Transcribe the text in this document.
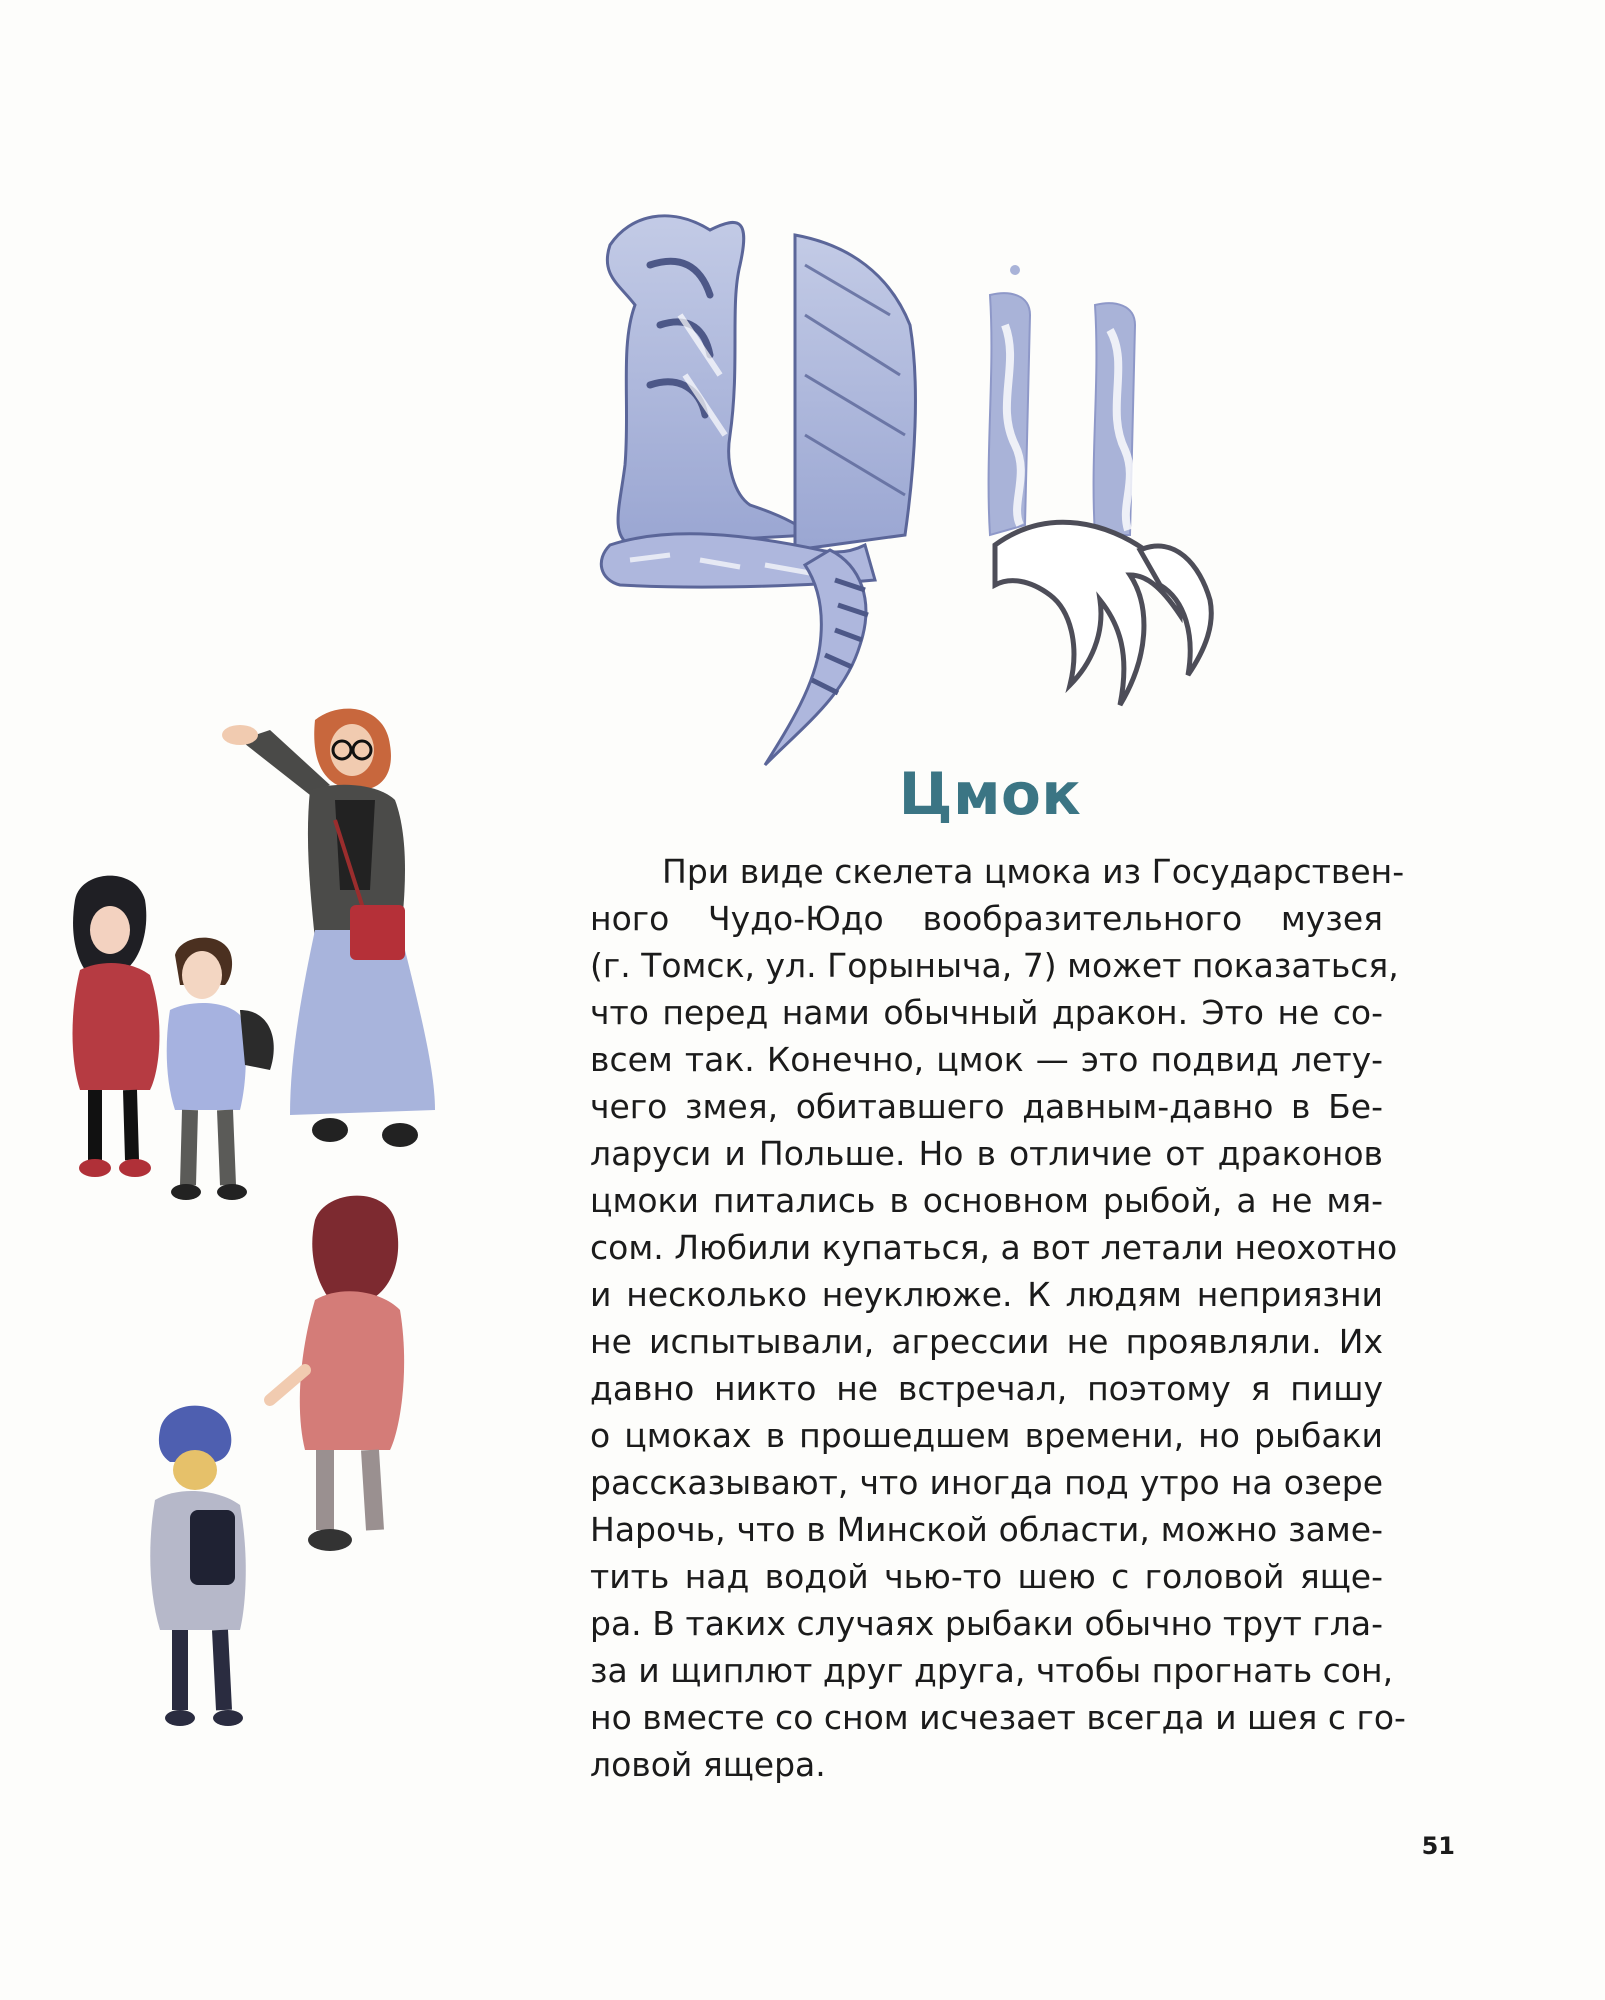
Цмок

При виде скелета цмока из Государствен-
ного Чудо-Юдо вообразительного музея
(г. Томск, ул. Горыныча, 7) может показаться,
что перед нами обычный дракон. Это не со-
всем так. Конечно, цмок — это подвид лету-
чего змея, обитавшего давным-давно в Бе-
ларуси и Польше. Но в отличие от драконов
цмоки питались в основном рыбой, а не мя-
сом. Любили купаться, а вот летали неохотно
и несколько неуклюже. К людям неприязни
не испытывали, агрессии не проявляли. Их
давно никто не встречал, поэтому я пишу
о цмоках в прошедшем времени, но рыбаки
рассказывают, что иногда под утро на озере
Нарочь, что в Минской области, можно заме-
тить над водой чью-то шею с головой яще-
ра. В таких случаях рыбаки обычно трут гла-
за и щиплют друг друга, чтобы прогнать сон,
но вместе со сном исчезает всегда и шея с го-
ловой ящера.

51
